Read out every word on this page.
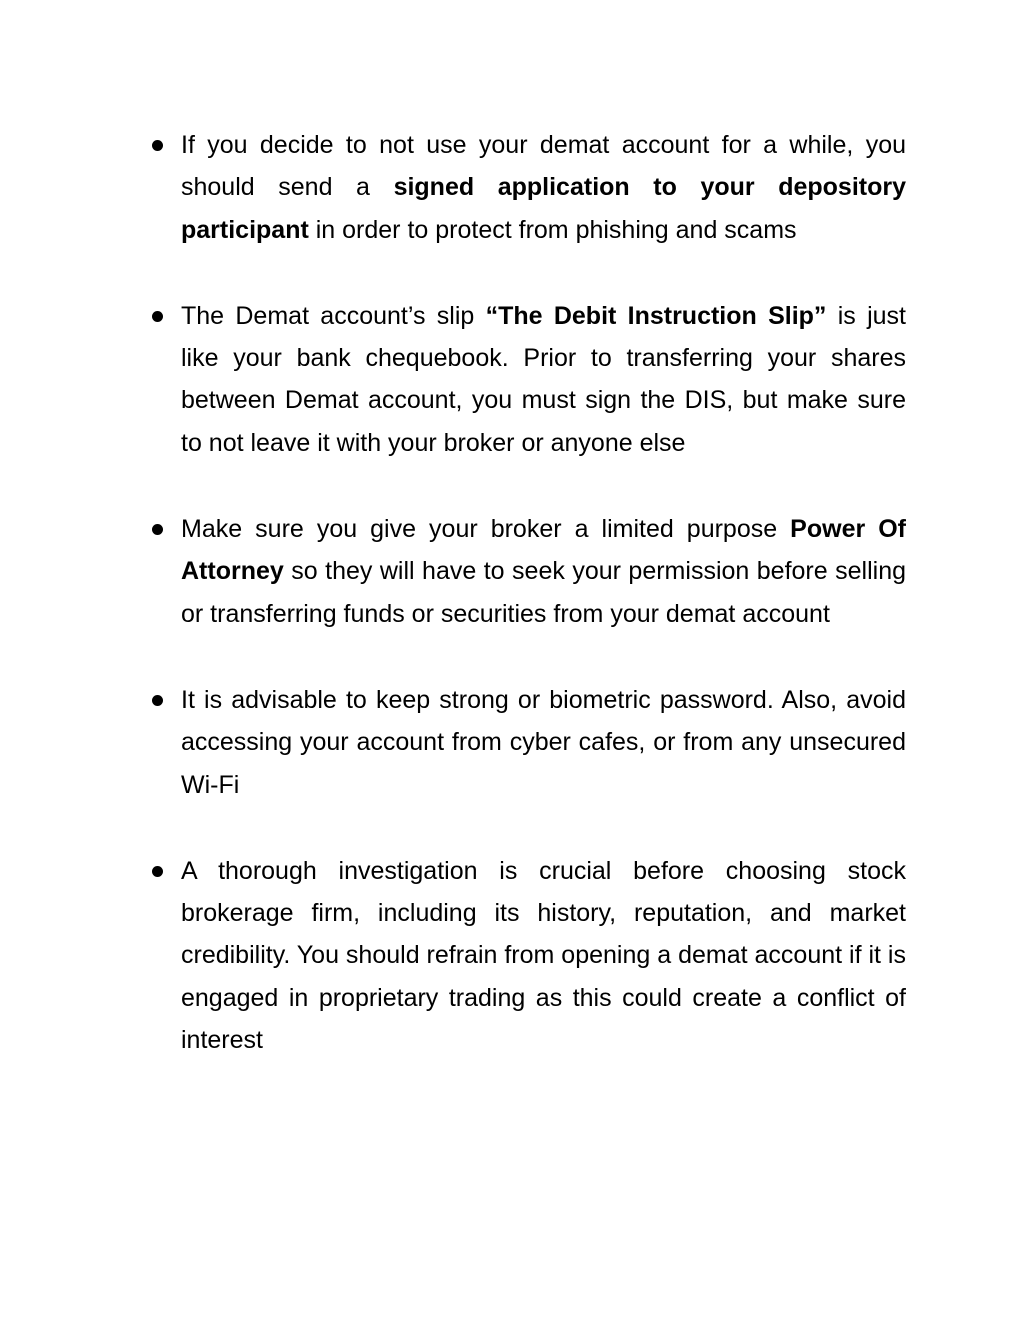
If you decide to not use your demat account for a while, you should send a signed application to your depository participant in order to protect from phishing and scams
The Demat account’s slip “The Debit Instruction Slip” is just like your bank chequebook. Prior to transferring your shares between Demat account, you must sign the DIS, but make sure to not leave it with your broker or anyone else
Make sure you give your broker a limited purpose Power Of Attorney so they will have to seek your permission before selling or transferring funds or securities from your demat account
It is advisable to keep strong or biometric password. Also, avoid accessing your account from cyber cafes, or from any unsecured Wi-Fi
A thorough investigation is crucial before choosing stock brokerage firm, including its history, reputation, and market credibility. You should refrain from opening a demat account if it is engaged in proprietary trading as this could create a conflict of interest
